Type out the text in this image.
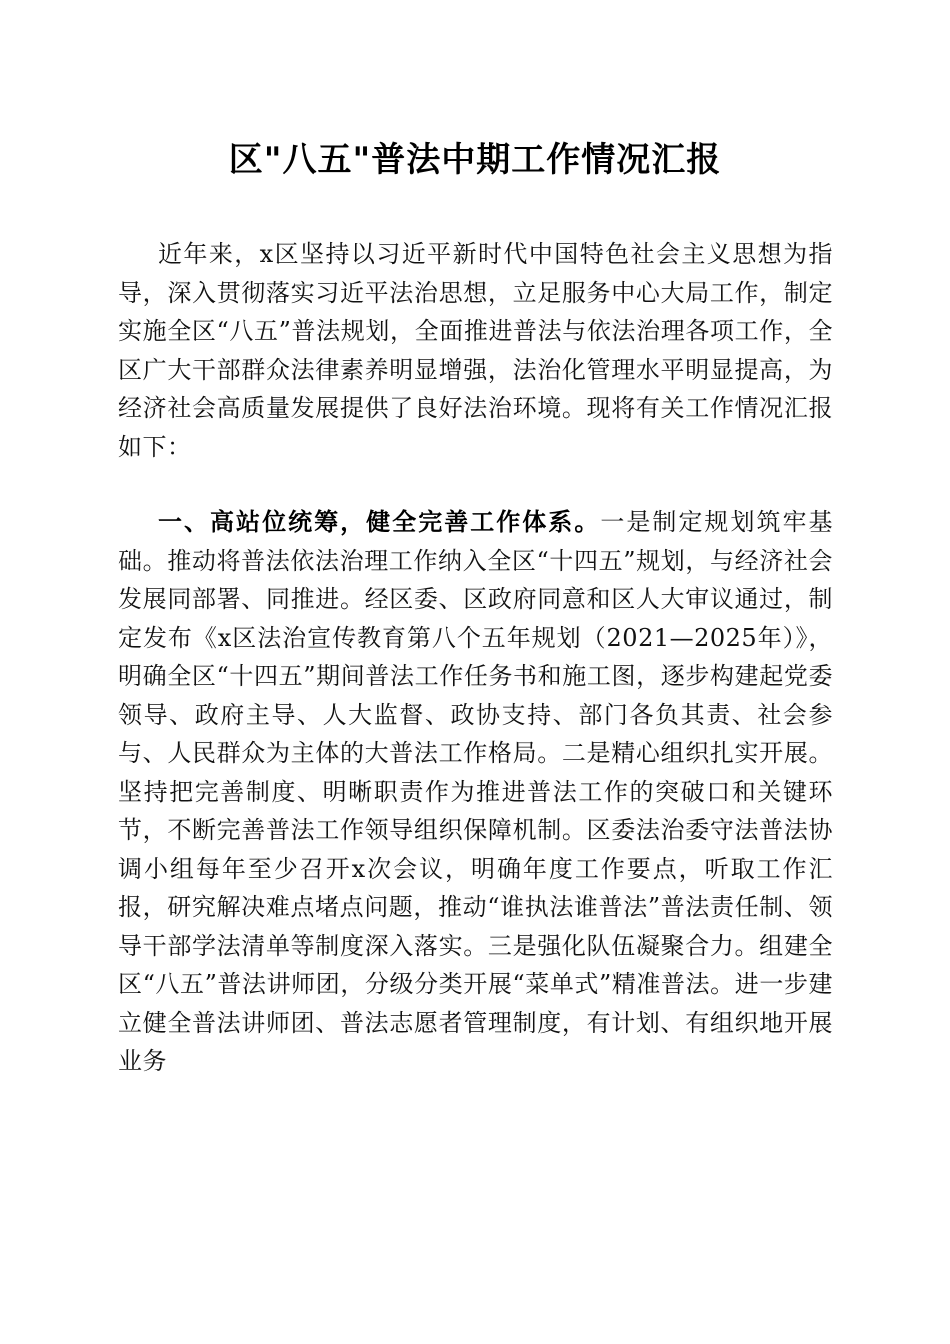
区"八五"普法中期工作情况汇报
近年来，x区坚持以习近平新时代中国特色社会主义思想为指导，深入贯彻落实习近平法治思想，立足服务中心大局工作，制定实施全区“八五”普法规划，全面推进普法与依法治理各项工作，全区广大干部群众法律素养明显增强，法治化管理水平明显提高，为经济社会高质量发展提供了良好法治环境。现将有关工作情况汇报如下：
一、高站位统筹，健全完善工作体系。一是制定规划筑牢基础。推动将普法依法治理工作纳入全区“十四五”规划，与经济社会发展同部署、同推进。经区委、区政府同意和区人大审议通过，制定发布《x区法治宣传教育第八个五年规划（2021—2025年）》，明确全区“十四五”期间普法工作任务书和施工图，逐步构建起党委领导、政府主导、人大监督、政协支持、部门各负其责、社会参与、人民群众为主体的大普法工作格局。二是精心组织扎实开展。坚持把完善制度、明晰职责作为推进普法工作的突破口和关键环节，不断完善普法工作领导组织保障机制。区委法治委守法普法协调小组每年至少召开x次会议，明确年度工作要点，听取工作汇报，研究解决难点堵点问题，推动“谁执法谁普法”普法责任制、领导干部学法清单等制度深入落实。三是强化队伍凝聚合力。组建全区“八五”普法讲师团，分级分类开展“菜单式”精准普法。进一步建立健全普法讲师团、普法志愿者管理制度，有计划、有组织地开展业务
